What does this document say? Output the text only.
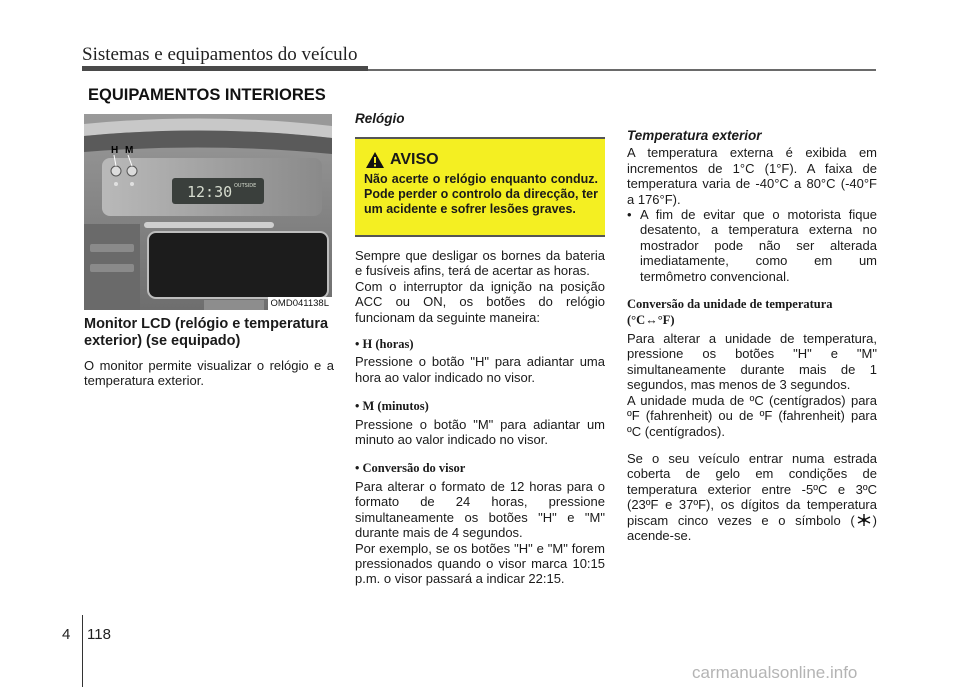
Sistemas e equipamentos do veículo
EQUIPAMENTOS INTERIORES
12:30 OUTSIDE
H M
OMD041138L

Monitor LCD (relógio e temperatura exterior) (se equipado)

O monitor permite visualizar o relógio e a temperatura exterior.

Relógio
AVISO
Não acerte o relógio enquanto conduz. Pode perder o controlo da direcção, ter um acidente e sofrer lesões graves.

Sempre que desligar os bornes da bateria e fusíveis afins, terá de acertar as horas.

Com o interruptor da ignição na posição ACC ou ON, os botões do relógio funcionam da seguinte maneira:

• H (horas)

Pressione o botão "H" para adiantar uma hora ao valor indicado no visor.

• M (minutos)

Pressione o botão "M" para adiantar um minuto ao valor indicado no visor.

• Conversão do visor

Para alterar o formato de 12 horas para o formato de 24 horas, pressione simultaneamente os botões "H" e "M" durante mais de 4 segundos.

Por exemplo, se os botões "H" e "M" forem pressionados quando o visor marca 10:15 p.m. o visor passará a indicar 22:15.

Temperatura exterior

A temperatura externa é exibida em incrementos de 1°C (1°F). A faixa de temperatura varia de -40°C a 80°C (-40°F a 176°F).

• A fim de evitar que o motorista fique desatento, a temperatura externa no mostrador pode não ser alterada imediatamente, como em um termômetro convencional.

Conversão da unidade de temperatura (°C↔°F)

Para alterar a unidade de temperatura, pressione os botões "H" e "M" simultaneamente durante mais de 1 segundos, mas menos de 3 segundos.

A unidade muda de ºC (centígrados) para ºF (fahrenheit) ou de ºF (fahrenheit) para ºC (centígrados).

Se o seu veículo entrar numa estrada coberta de gelo em condições de temperatura exterior entre -5ºC e 3ºC (23ºF e 37ºF), os dígitos da temperatura piscam cinco vezes e o símbolo ( ) acende-se.

4 118
carmanualsonline.info
